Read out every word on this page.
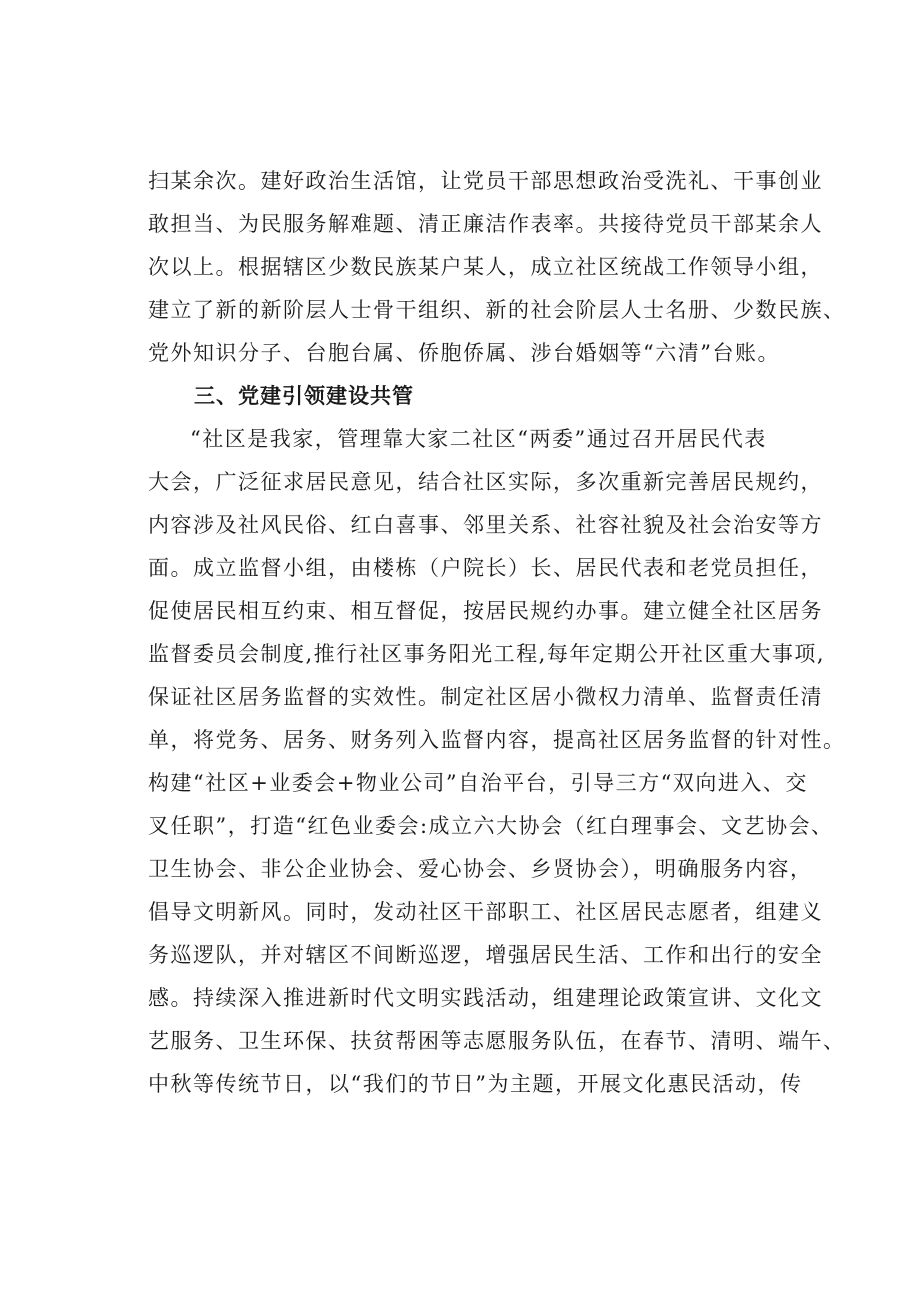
扫某余次。建好政治生活馆，让党员干部思想政治受洗礼、干事创业
敢担当、为民服务解难题、清正廉洁作表率。共接待党员干部某余人
次以上。根据辖区少数民族某户某人，成立社区统战工作领导小组，
建立了新的新阶层人士骨干组织、新的社会阶层人士名册、少数民族、
党外知识分子、台胞台属、侨胞侨属、涉台婚姻等“六清”台账。
三、党建引领建设共管
“社区是我家，管理靠大家二社区“两委”通过召开居民代表
大会，广泛征求居民意见，结合社区实际，多次重新完善居民规约，
内容涉及社风民俗、红白喜事、邻里关系、社容社貌及社会治安等方
面。成立监督小组，由楼栋（户院长）长、居民代表和老党员担任，
促使居民相互约束、相互督促，按居民规约办事。建立健全社区居务
监督委员会制度,推行社区事务阳光工程,每年定期公开社区重大事项,
保证社区居务监督的实效性。制定社区居小微权力清单、监督责任清
单，将党务、居务、财务列入监督内容，提高社区居务监督的针对性。
构建“社区+业委会+物业公司”自治平台，引导三方“双向进入、交
叉任职”，打造“红色业委会:成立六大协会（红白理事会、文艺协会、
卫生协会、非公企业协会、爱心协会、乡贤协会），明确服务内容，
倡导文明新风。同时，发动社区干部职工、社区居民志愿者，组建义
务巡逻队，并对辖区不间断巡逻，增强居民生活、工作和出行的安全
感。持续深入推进新时代文明实践活动，组建理论政策宣讲、文化文
艺服务、卫生环保、扶贫帮困等志愿服务队伍，在春节、清明、端午、
中秋等传统节日，以“我们的节日”为主题，开展文化惠民活动，传
